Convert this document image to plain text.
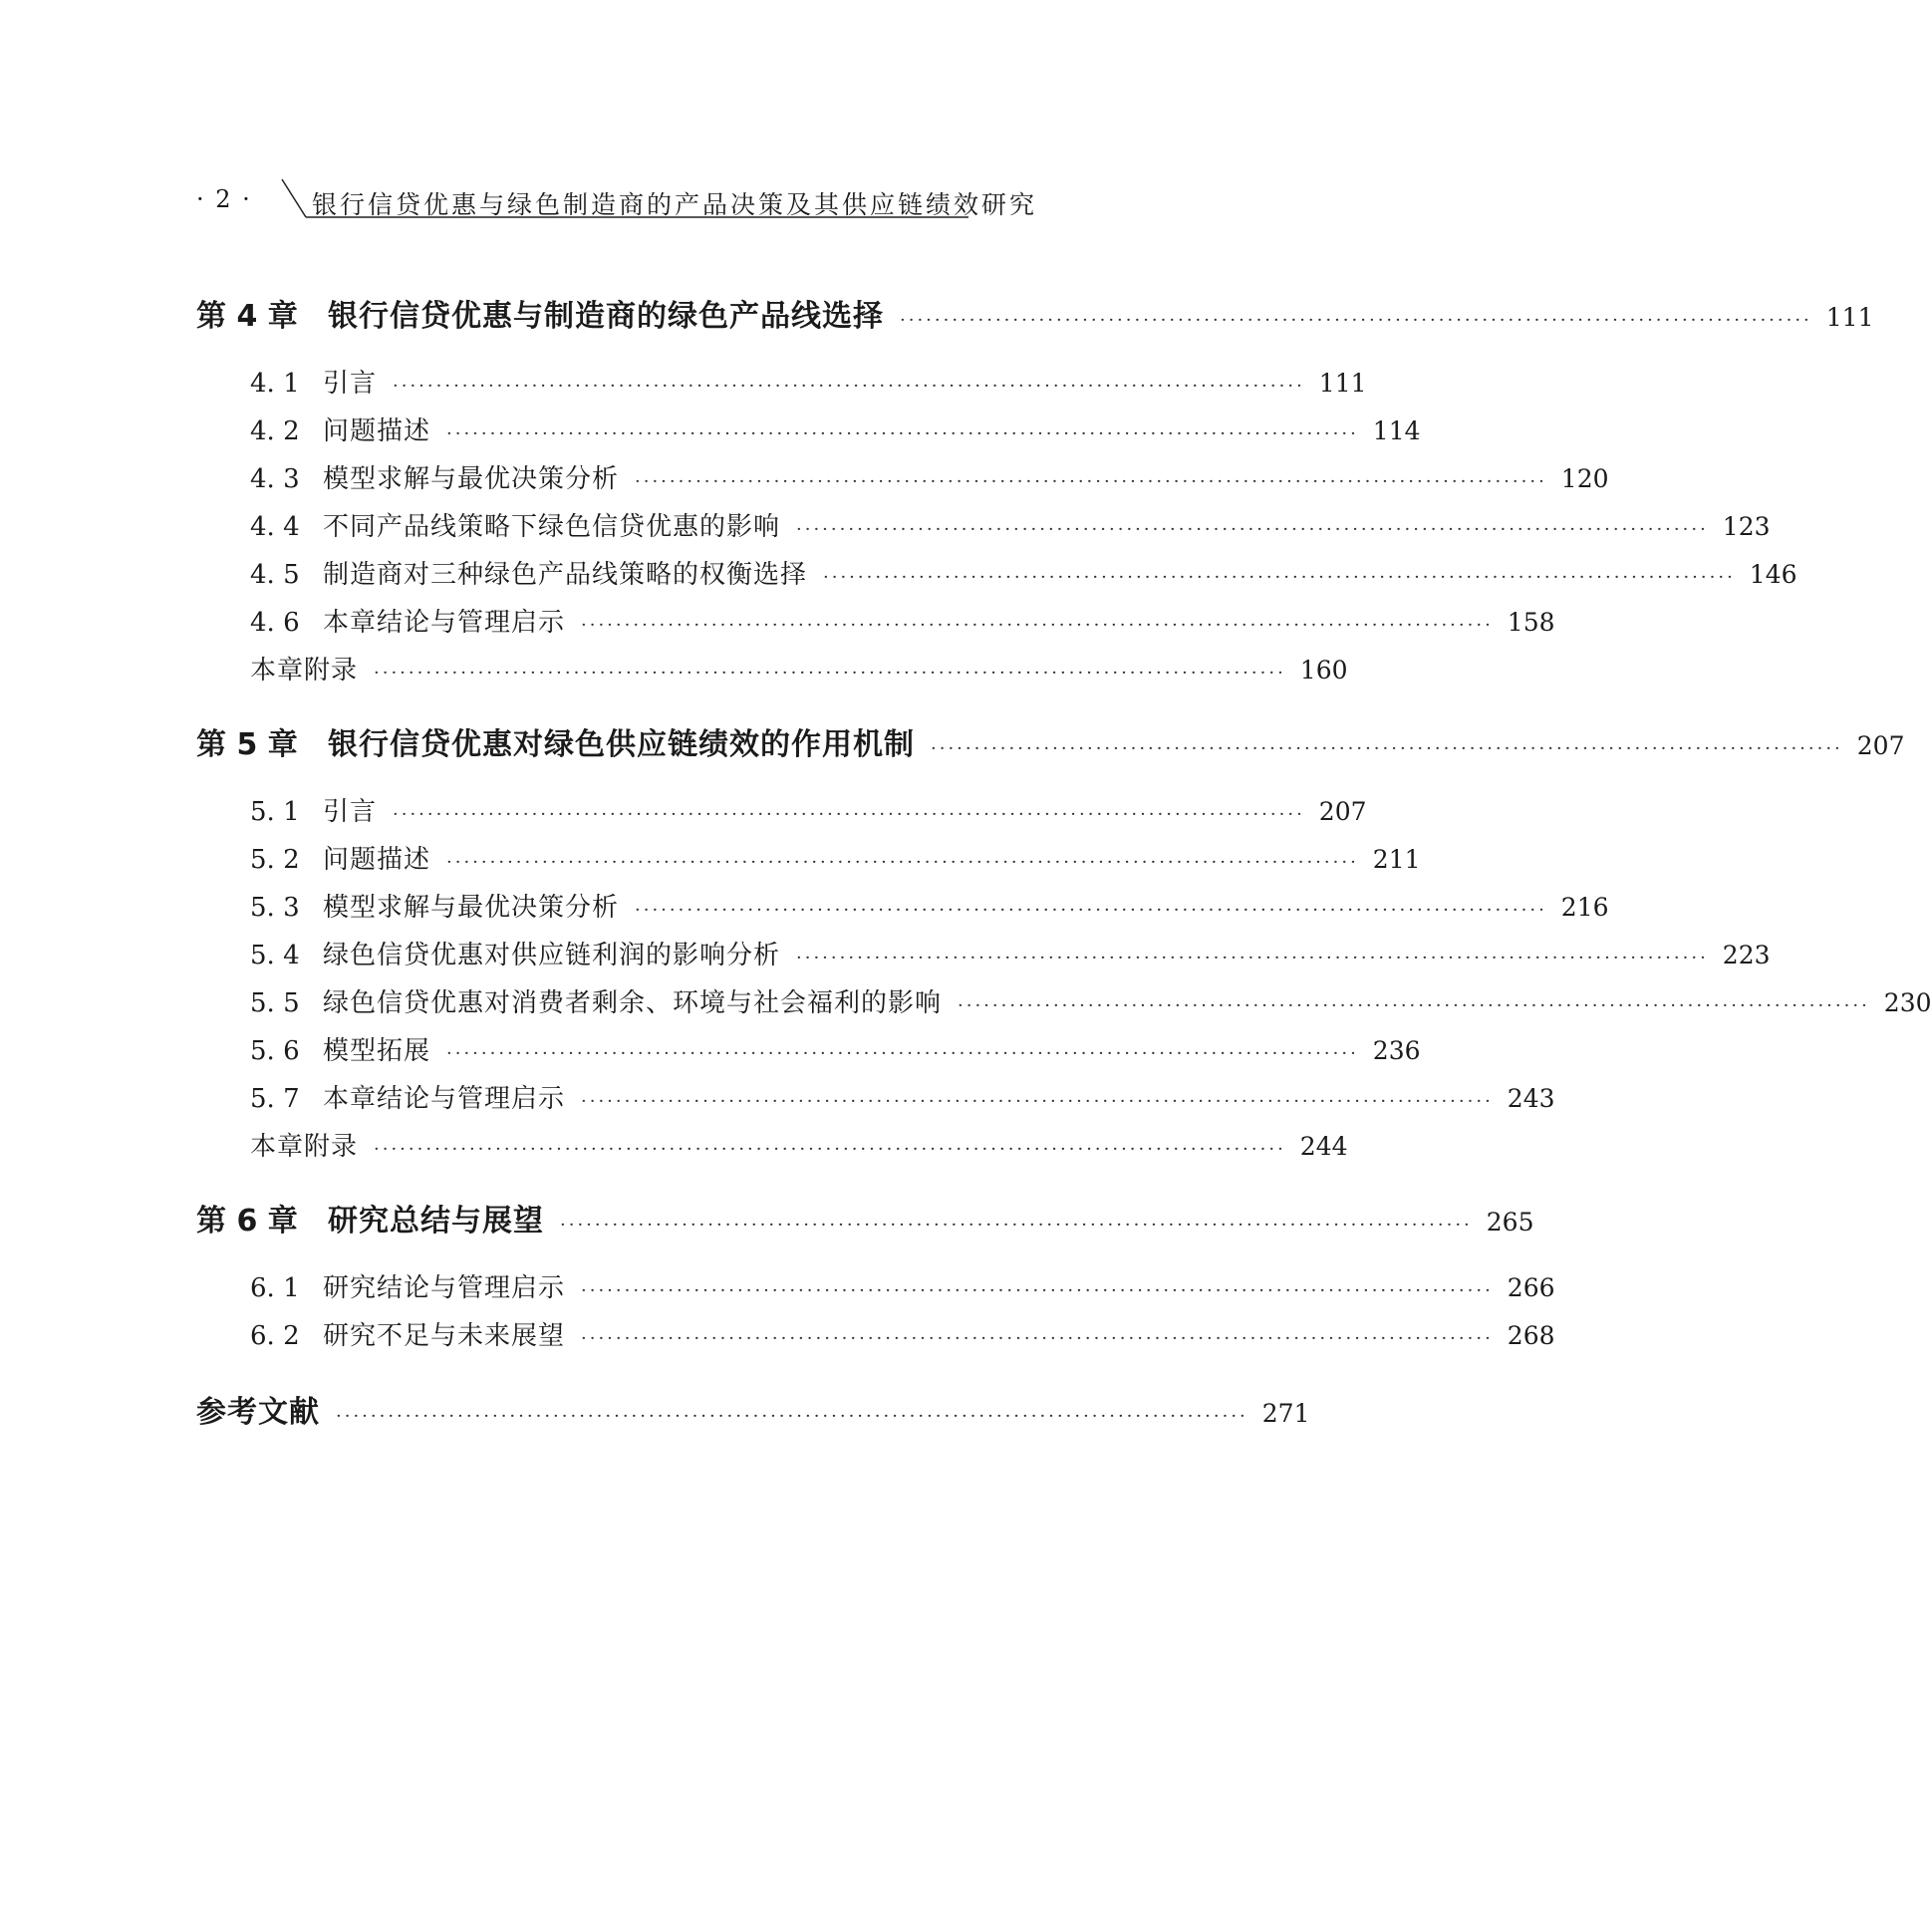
· 2 · 银行信贷优惠与绿色制造商的产品决策及其供应链绩效研究
第 4 章	银行信贷优惠与制造商的绿色产品线选择 ········································································································· 111
4. 1 引言 ········································································································· 111
4. 2 问题描述 ········································································································· 114
4. 3 模型求解与最优决策分析 ········································································································· 120
4. 4 不同产品线策略下绿色信贷优惠的影响 ········································································································· 123
4. 5 制造商对三种绿色产品线策略的权衡选择 ········································································································· 146
4. 6 本章结论与管理启示 ········································································································· 158
本章附录 ········································································································· 160
第 5 章	银行信贷优惠对绿色供应链绩效的作用机制 ········································································································· 207
5. 1 引言 ········································································································· 207
5. 2 问题描述 ········································································································· 211
5. 3 模型求解与最优决策分析 ········································································································· 216
5. 4 绿色信贷优惠对供应链利润的影响分析 ········································································································· 223
5. 5 绿色信贷优惠对消费者剩余、环境与社会福利的影响 ········································································································· 230
5. 6 模型拓展 ········································································································· 236
5. 7 本章结论与管理启示 ········································································································· 243
本章附录 ········································································································· 244
第 6 章	研究总结与展望 ········································································································· 265
6. 1 研究结论与管理启示 ········································································································· 266
6. 2 研究不足与未来展望 ········································································································· 268
参考文献 ········································································································· 271
